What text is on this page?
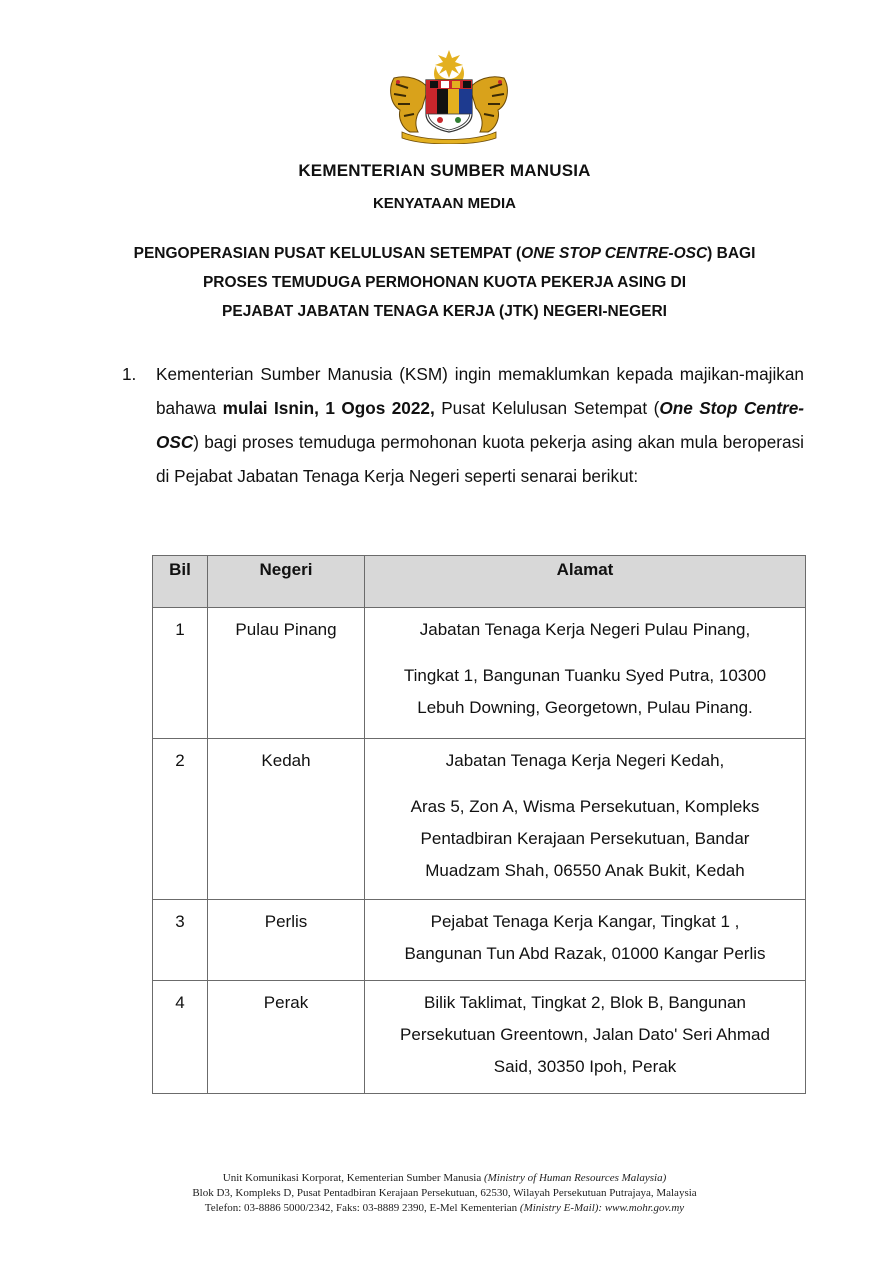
KEMENTERIAN SUMBER MANUSIA
KENYATAAN MEDIA
PENGOPERASIAN PUSAT KELULUSAN SETEMPAT (ONE STOP CENTRE-OSC) BAGI
PROSES TEMUDUGA PERMOHONAN KUOTA PEKERJA ASING DI
PEJABAT JABATAN TENAGA KERJA (JTK) NEGERI-NEGERI
1.	Kementerian Sumber Manusia (KSM) ingin memaklumkan kepada majikan-majikan bahawa mulai Isnin, 1 Ogos 2022, Pusat Kelulusan Setempat (One Stop Centre-OSC) bagi proses temuduga permohonan kuota pekerja asing akan mula beroperasi di Pejabat Jabatan Tenaga Kerja Negeri seperti senarai berikut:
Bil	Negeri	Alamat
1	Pulau Pinang	Jabatan Tenaga Kerja Negeri Pulau Pinang,
Tingkat 1, Bangunan Tuanku Syed Putra, 10300
Lebuh Downing, Georgetown, Pulau Pinang.

2	Kedah	Jabatan Tenaga Kerja Negeri Kedah,
Aras 5, Zon A, Wisma Persekutuan, Kompleks
Pentadbiran Kerajaan Persekutuan, Bandar
Muadzam Shah, 06550 Anak Bukit, Kedah

3	Perlis	Pejabat Tenaga Kerja Kangar, Tingkat 1 ,
Bangunan Tun Abd Razak, 01000 Kangar Perlis

4	Perak	Bilik Taklimat, Tingkat 2, Blok B, Bangunan
Persekutuan Greentown, Jalan Dato' Seri Ahmad
Said, 30350 Ipoh, Perak
Unit Komunikasi Korporat, Kementerian Sumber Manusia (Ministry of Human Resources Malaysia)
Blok D3, Kompleks D, Pusat Pentadbiran Kerajaan Persekutuan, 62530, Wilayah Persekutuan Putrajaya, Malaysia
Telefon: 03-8886 5000/2342, Faks: 03-8889 2390, E-Mel Kementerian (Ministry E-Mail): www.mohr.gov.my
